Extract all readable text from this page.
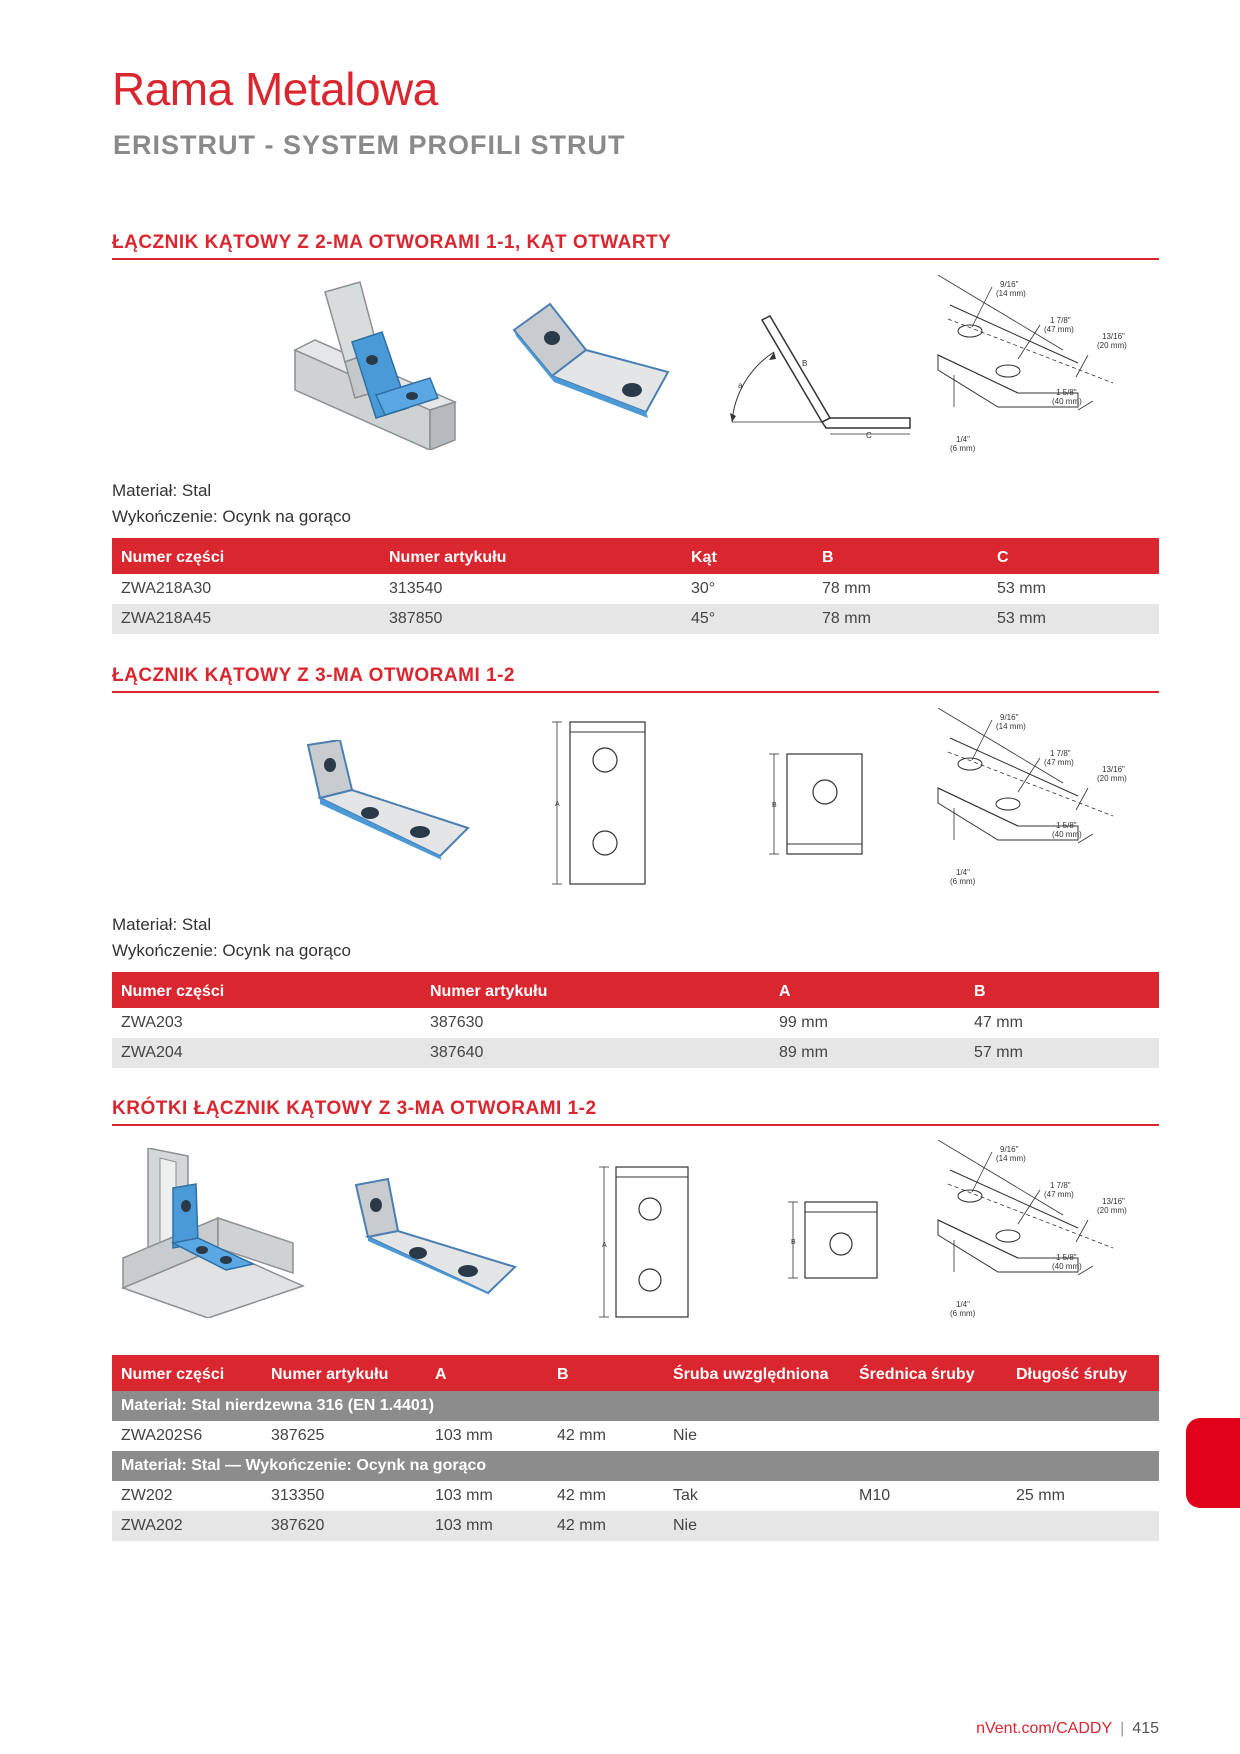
Rama Metalowa
ERISTRUT - SYSTEM PROFILI STRUT
ŁĄCZNIK KĄTOWY Z 2-MA OTWORAMI 1-1, KĄT OTWARTY
a
B
C
9/16"
(14 mm)
1 7/8"
(47 mm)
13/16"
(20 mm)
1 5/8"
(40 mm)
1/4"
(6 mm)
Materiał: Stal
Wykończenie: Ocynk na gorąco
Numer części	Numer artykułu	Kąt	B	C
ZWA218A30	313540	30°	78 mm	53 mm
ZWA218A45	387850	45°	78 mm	53 mm
ŁĄCZNIK KĄTOWY Z 3-MA OTWORAMI 1-2
A	B
9/16"
(14 mm)
1 7/8"
(47 mm)
13/16"
(20 mm)
1 5/8"
(40 mm)
1/4"
(6 mm)
Materiał: Stal
Wykończenie: Ocynk na gorąco
Numer części	Numer artykułu	A	B
ZWA203	387630	99 mm	47 mm
ZWA204	387640	89 mm	57 mm
KRÓTKI ŁĄCZNIK KĄTOWY Z 3-MA OTWORAMI 1-2
A	B
9/16"
(14 mm)
1 7/8"
(47 mm)
13/16"
(20 mm)
1 5/8"
(40 mm)
1/4"
(6 mm)
Numer części	Numer artykułu	A	B	Śruba uwzględniona	Średnica śruby	Długość śruby
Materiał: Stal nierdzewna 316 (EN 1.4401)						
ZWA202S6	387625	103 mm	42 mm	Nie		
Materiał: Stal — Wykończenie: Ocynk na gorąco						
ZW202	313350	103 mm	42 mm	Tak	M10	25 mm
ZWA202	387620	103 mm	42 mm	Nie		
nVent.com/CADDY | 415
